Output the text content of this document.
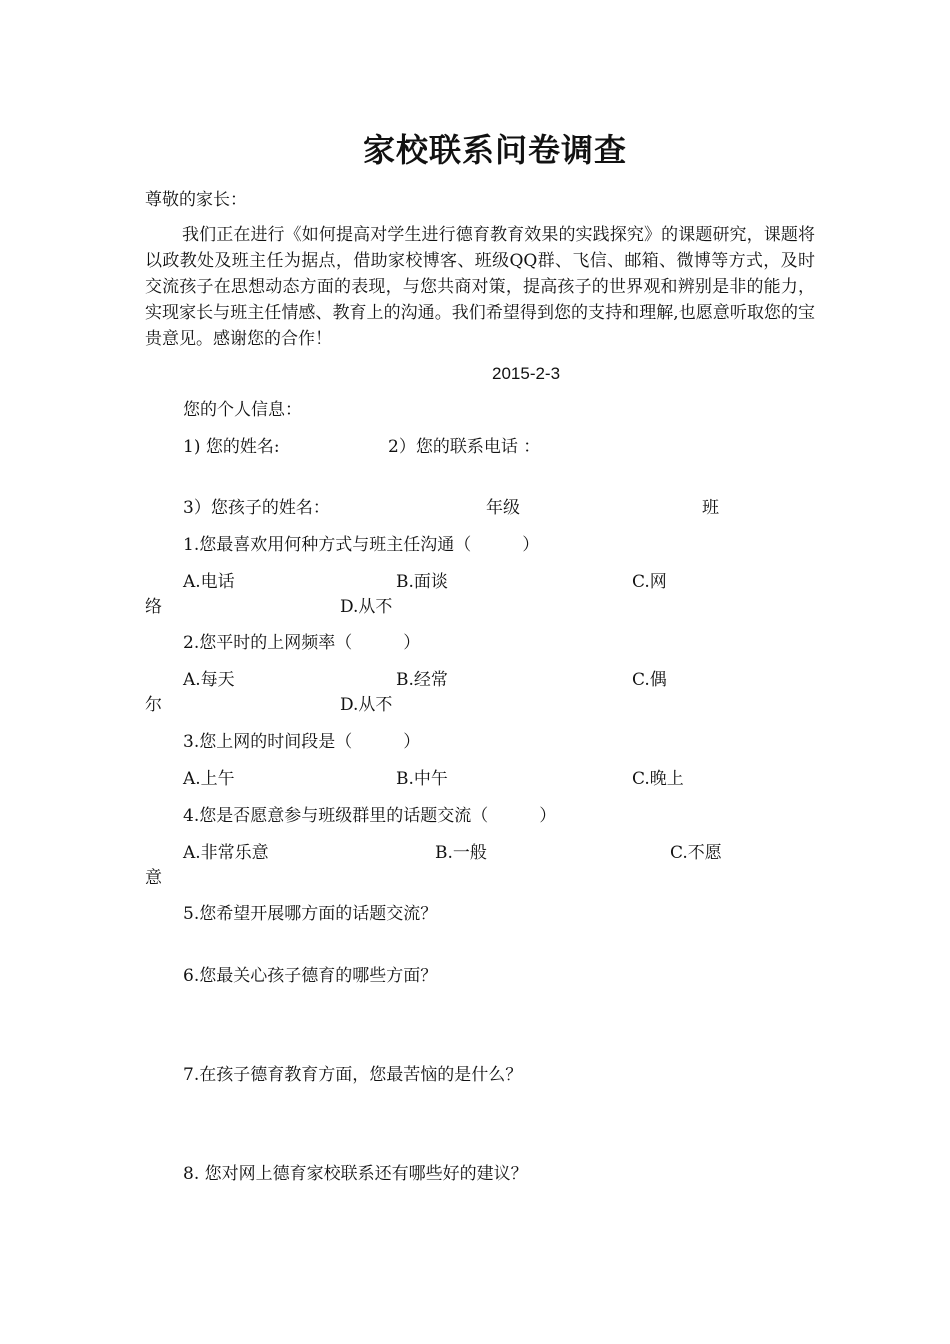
家校联系问卷调查
尊敬的家长：
我们正在进行《如何提高对学生进行德育教育效果的实践探究》的课题研究，课题将以政教处及班主任为据点，借助家校博客、班级QQ群、飞信、邮箱、微博等方式，及时交流孩子在思想动态方面的表现，与您共商对策，提高孩子的世界观和辨别是非的能力，实现家长与班主任情感、教育上的沟通。我们希望得到您的支持和理解,也愿意听取您的宝贵意见。感谢您的合作！
2015-2-3
您的个人信息：
1) 您的姓名:	2）您的联系电话 ：
3）您孩子的姓名：	年级	班
1.您最喜欢用何种方式与班主任沟通（　　　）
A.电话	B.面谈	C.网
络	D.从不
2.您平时的上网频率（　　　）
A.每天	B.经常	C.偶
尔	D.从不
3.您上网的时间段是（　　　）
A.上午	B.中午	C.晚上
4.您是否愿意参与班级群里的话题交流（　　　）
A.非常乐意	B.一般	C.不愿
意
5.您希望开展哪方面的话题交流？
6.您最关心孩子德育的哪些方面？
7.在孩子德育教育方面，您最苦恼的是什么？
8. 您对网上德育家校联系还有哪些好的建议？
